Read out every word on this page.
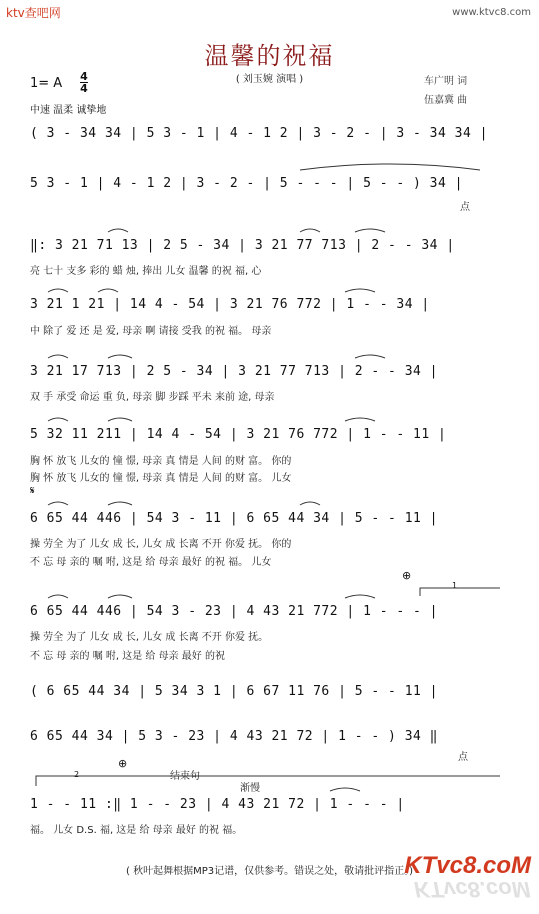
ktv查吧网	www.ktvc8.com
温馨的祝福
( 刘玉婉 演唱 )
1= A 4
4
车广明 词
伍嘉冀 曲
中速 温柔 诚挚地
( 3 - 34 34 | 5 3 - 1 | 4 - 1 2 | 3 - 2 - | 3 - 34 34 |
5 3 - 1 | 4 - 1 2 | 3 - 2 - | 5 - - - | 5 - - ) 34 |
点
‖: 3 21 71 13 | 2 5 - 34 | 3 21 77 713 | 2 - - 34 |
亮 七十 支多 彩的 蜡 烛, 捧出 儿女 温馨 的祝 福, 心
3 21 1 21 | 14 4 - 54 | 3 21 76 772 | 1 - - 34 |
中 除了 爱 还 是 爱, 母亲 啊 请接 受我 的祝 福。 母亲
3 21 17 713 | 2 5 - 34 | 3 21 77 713 | 2 - - 34 |
双 手 承受 命运 重 负, 母亲 脚 步踩 平未 来前 途, 母亲
5 32 11 211 | 14 4 - 54 | 3 21 76 772 | 1 - - 11 |
胸 怀 放飞 儿女的 憧 憬, 母亲 真 情是 人间 的财 富。 你的
胸 怀 放飞 儿女的 憧 憬, 母亲 真 情是 人间 的财 富。 儿女
𝄋
6 65 44 446 | 54 3 - 11 | 6 65 44 34 | 5 - - 11 |
操 劳全 为了 儿女 成 长, 儿女 成 长离 不开 你爱 抚。 你的
不 忘 母 亲的 嘱 咐, 这是 给 母亲 最好 的祝 福。 儿女
⊕
1
6 65 44 446 | 54 3 - 23 | 4 43 21 772 | 1 - - - |
操 劳全 为了 儿女 成 长, 儿女 成 长离 不开 你爱 抚。
不 忘 母 亲的 嘱 咐, 这是 给 母亲 最好 的祝
( 6 65 44 34 | 5 34 3 1 | 6 67 11 76 | 5 - - 11 |
6 65 44 34 | 5 3 - 23 | 4 43 21 72 | 1 - - ) 34 ‖
点
2
⊕
结束句
渐慢
1 - - 11 :‖ 1 - - 23 | 4 43 21 72 | 1 - - - |
福。 儿女 D.S. 福, 这是 给 母亲 最好 的祝 福。
( 秋叶起舞根据MP3记谱，仅供参考。错误之处，敬请批评指正。)
KTvc8.coM
KTvc8.coM
